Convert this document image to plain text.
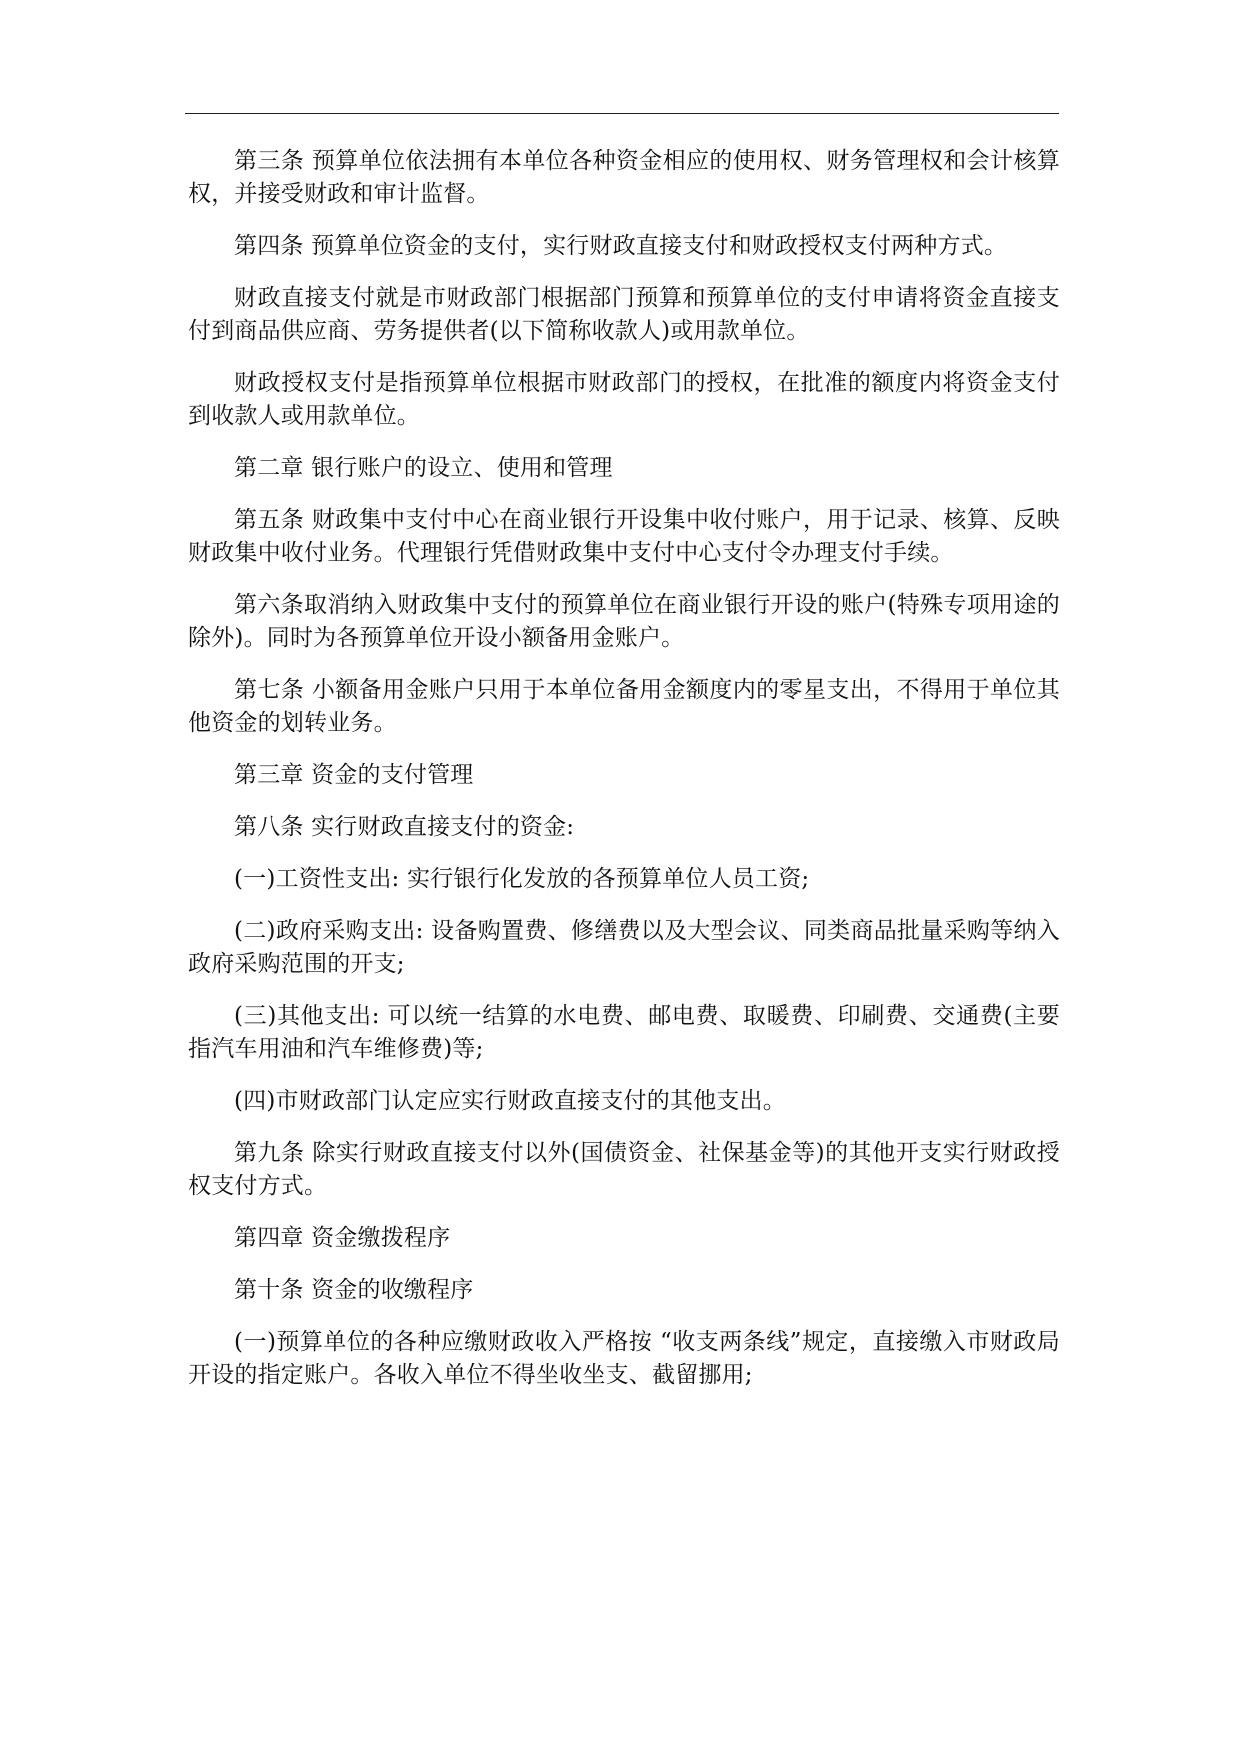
第三条 预算单位依法拥有本单位各种资金相应的使用权、财务管理权和会计核算权，并接受财政和审计监督。

第四条 预算单位资金的支付，实行财政直接支付和财政授权支付两种方式。

财政直接支付就是市财政部门根据部门预算和预算单位的支付申请将资金直接支付到商品供应商、劳务提供者(以下简称收款人)或用款单位。

财政授权支付是指预算单位根据市财政部门的授权，在批准的额度内将资金支付到收款人或用款单位。

第二章 银行账户的设立、使用和管理

第五条 财政集中支付中心在商业银行开设集中收付账户，用于记录、核算、反映财政集中收付业务。代理银行凭借财政集中支付中心支付令办理支付手续。

第六条取消纳入财政集中支付的预算单位在商业银行开设的账户(特殊专项用途的除外)。同时为各预算单位开设小额备用金账户。

第七条 小额备用金账户只用于本单位备用金额度内的零星支出，不得用于单位其他资金的划转业务。

第三章 资金的支付管理

第八条 实行财政直接支付的资金:

(一)工资性支出: 实行银行化发放的各预算单位人员工资;

(二)政府采购支出: 设备购置费、修缮费以及大型会议、同类商品批量采购等纳入政府采购范围的开支;

(三)其他支出: 可以统一结算的水电费、邮电费、取暖费、印刷费、交通费(主要指汽车用油和汽车维修费)等;

(四)市财政部门认定应实行财政直接支付的其他支出。

第九条 除实行财政直接支付以外(国债资金、社保基金等)的其他开支实行财政授权支付方式。

第四章 资金缴拨程序

第十条 资金的收缴程序

(一)预算单位的各种应缴财政收入严格按 “收支两条线”规定，直接缴入市财政局开设的指定账户。各收入单位不得坐收坐支、截留挪用;
